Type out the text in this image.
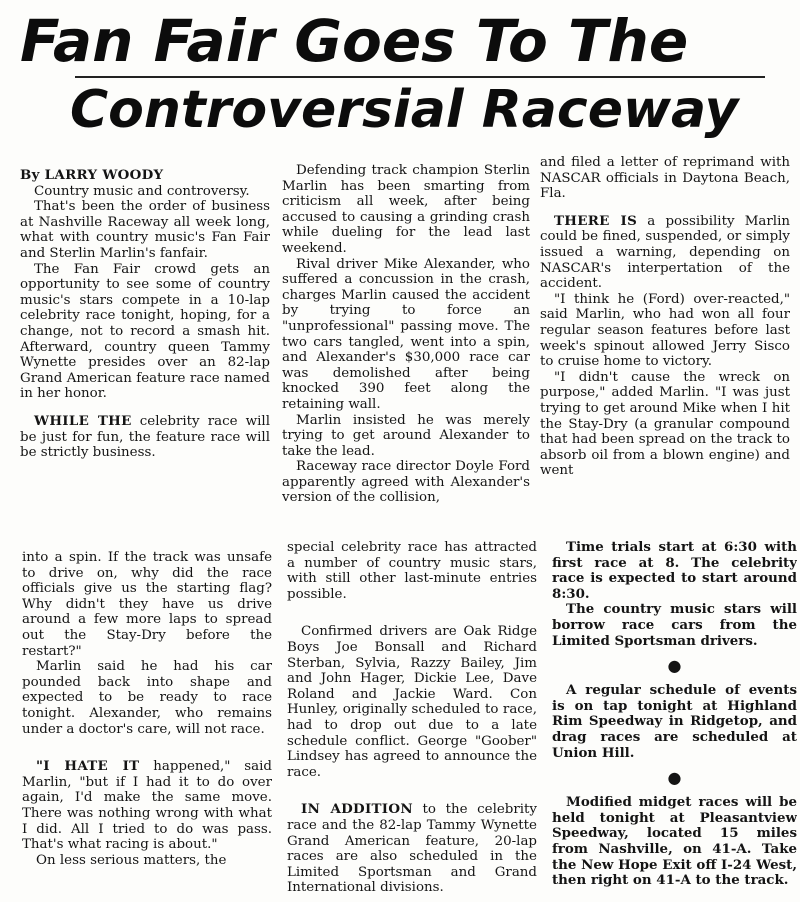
Fan Fair Goes To The
Controversial Raceway

By LARRY WOODY

Country music and controversy.

That's been the order of business at Nashville Raceway all week long, what with country music's Fan Fair and Sterlin Marlin's fanfair.

The Fan Fair crowd gets an opportunity to see some of country music's stars compete in a 10-lap celebrity race tonight, hoping, for a change, not to record a smash hit. Afterward, country queen Tammy Wynette presides over an 82-lap Grand American feature race named in her honor.

WHILE THE celebrity race will be just for fun, the feature race will be strictly business.

Defending track champion Sterlin Marlin has been smarting from criticism all week, after being accused to causing a grinding crash while dueling for the lead last weekend.

Rival driver Mike Alexander, who suffered a concussion in the crash, charges Marlin caused the accident by trying to force an "unprofessional" passing move. The two cars tangled, went into a spin, and Alexander's $30,000 race car was demolished after being knocked 390 feet along the retaining wall.

Marlin insisted he was merely trying to get around Alexander to take the lead.

Raceway race director Doyle Ford apparently agreed with Alexander's version of the collision,

and filed a letter of reprimand with NASCAR officials in Daytona Beach, Fla.

THERE IS a possibility Marlin could be fined, suspended, or simply issued a warning, depending on NASCAR's interpertation of the accident.

"I think he (Ford) over-reacted," said Marlin, who had won all four regular season features before last week's spinout allowed Jerry Sisco to cruise home to victory.

"I didn't cause the wreck on purpose," added Marlin. "I was just trying to get around Mike when I hit the Stay-Dry (a granular compound that had been spread on the track to absorb oil from a blown engine) and went

into a spin. If the track was unsafe to drive on, why did the race officials give us the starting flag? Why didn't they have us drive around a few more laps to spread out the Stay-Dry before the restart?"

Marlin said he had his car pounded back into shape and expected to be ready to race tonight. Alexander, who remains under a doctor's care, will not race.

"I HATE IT happened," said Marlin, "but if I had it to do over again, I'd make the same move. There was nothing wrong with what I did. All I tried to do was pass. That's what racing is about."

On less serious matters, the

special celebrity race has attracted a number of country music stars, with still other last-minute entries possible.

Confirmed drivers are Oak Ridge Boys Joe Bonsall and Richard Sterban, Sylvia, Razzy Bailey, Jim and John Hager, Dickie Lee, Dave Roland and Jackie Ward. Con Hunley, originally scheduled to race, had to drop out due to a late schedule conflict. George "Goober" Lindsey has agreed to announce the race.

IN ADDITION to the celebrity race and the 82-lap Tammy Wynette Grand American feature, 20-lap races are also scheduled in the Limited Sportsman and Grand International divisions.

Time trials start at 6:30 with first race at 8. The celebrity race is expected to start around 8:30.

The country music stars will borrow race cars from the Limited Sportsman drivers.

●

A regular schedule of events is on tap tonight at Highland Rim Speedway in Ridgetop, and drag races are scheduled at Union Hill.

●

Modified midget races will be held tonight at Pleasantview Speedway, located 15 miles from Nashville, on 41-A. Take the New Hope Exit off I-24 West, then right on 41-A to the track.
